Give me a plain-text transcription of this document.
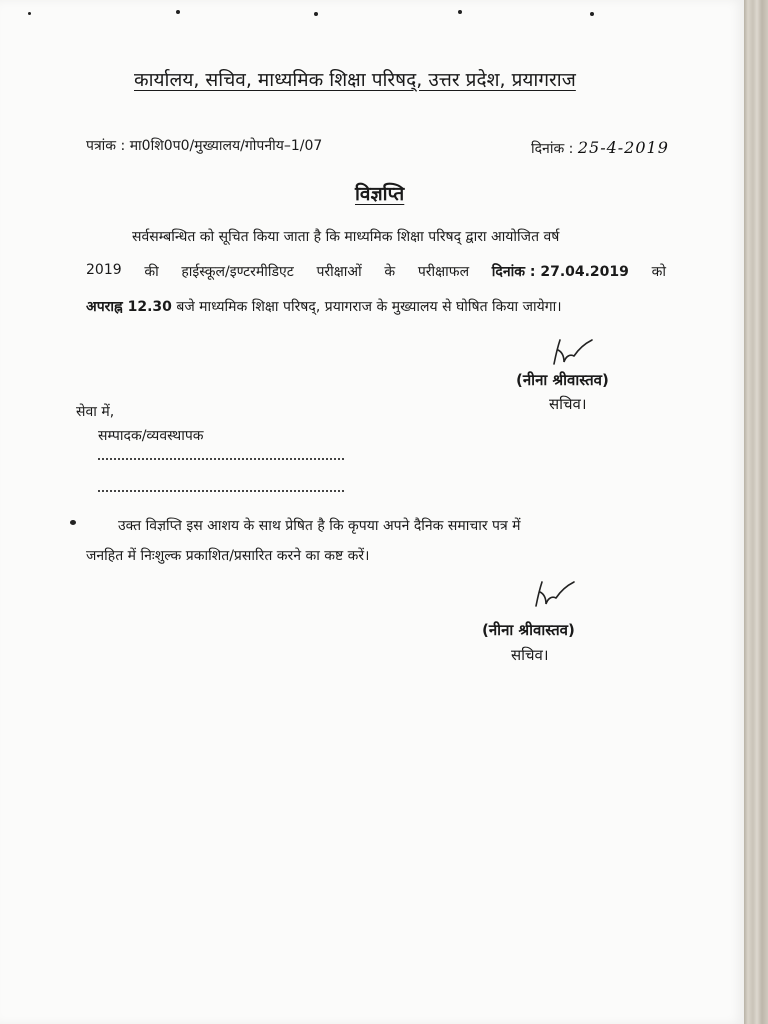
कार्यालय, सचिव, माध्यमिक शिक्षा परिषद्, उत्तर प्रदेश, प्रयागराज
पत्रांक : मा0शि0प0/मुख्यालय/गोपनीय–1/07	दिनांक : 25-4-2019
विज्ञप्ति
सर्वसम्बन्धित को सूचित किया जाता है कि माध्यमिक शिक्षा परिषद् द्वारा आयोजित वर्ष
2019 की हाईस्कूल/इण्टरमीडिएट परीक्षाओं के परीक्षाफल दिनांक : 27.04.2019 को
अपराह्न 12.30 बजे माध्यमिक शिक्षा परिषद्, प्रयागराज के मुख्यालय से घोषित किया जायेगा।
(नीना श्रीवास्तव)
सचिव।
सेवा में,
सम्पादक/व्यवस्थापक
उक्त विज्ञप्ति इस आशय के साथ प्रेषित है कि कृपया अपने दैनिक समाचार पत्र में
जनहित में निःशुल्क प्रकाशित/प्रसारित करने का कष्ट करें।
(नीना श्रीवास्तव)
सचिव।
